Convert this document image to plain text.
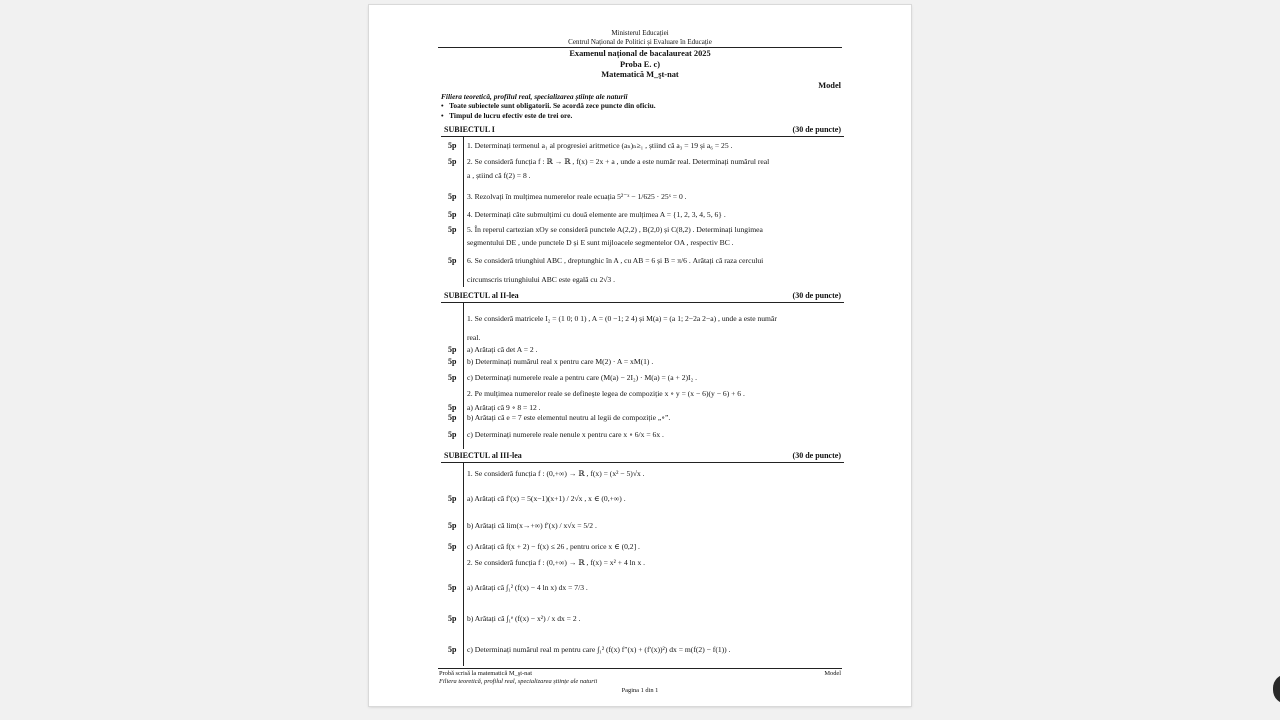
Ministerul Educației
Centrul Național de Politici și Evaluare în Educație
Examenul național de bacalaureat 2025
Proba E. c)
Matematică M_şt-nat
Model
Filiera teoretică, profilul real, specializarea științe ale naturii
•   Toate subiectele sunt obligatorii. Se acordă zece puncte din oficiu.
•   Timpul de lucru efectiv este de trei ore.
SUBIECTUL I	(30 de puncte)
5p 1. Determinați termenul a₁ al progresiei aritmetice (aₙ)ₙ≥₁ , știind că a₃ = 19 și a₆ = 25 .
5p 2. Se consideră funcția f : ℝ → ℝ , f(x) = 2x + a , unde a este număr real. Determinați numărul real
a , știind că f(2) = 8 .
5p 3. Rezolvați în mulțimea numerelor reale ecuația 5²⁻ˣ − 1/625 · 25ˣ = 0 .
5p 4. Determinați câte submulțimi cu două elemente are mulțimea A = {1, 2, 3, 4, 5, 6} .
5p 5. În reperul cartezian xOy se consideră punctele A(2,2) , B(2,0) și C(8,2) . Determinați lungimea
segmentului DE , unde punctele D și E sunt mijloacele segmentelor OA , respectiv BC .
5p 6. Se consideră triunghiul ABC , dreptunghic în A , cu AB = 6 și B = π/6 . Arătați că raza cercului
circumscris triunghiului ABC este egală cu 2√3 .
SUBIECTUL al II-lea	(30 de puncte)
1. Se consideră matricele I₂ = (1 0; 0 1) , A = (0 −1; 2 4) și M(a) = (a 1; 2−2a 2−a) , unde a este număr
real.
5p a) Arătați că det A = 2 .
5p b) Determinați numărul real x pentru care M(2) · A = xM(1) .
5p c) Determinați numerele reale a pentru care (M(a) − 2I₂) · M(a) = (a + 2)I₂ .
2. Pe mulțimea numerelor reale se definește legea de compoziție x ∘ y = (x − 6)(y − 6) + 6 .
5p a) Arătați că 9 ∘ 8 = 12 .
5p b) Arătați că e = 7 este elementul neutru al legii de compoziție „∘”.
5p c) Determinați numerele reale nenule x pentru care x ∘ 6/x = 6x .
SUBIECTUL al III-lea	(30 de puncte)
1. Se consideră funcția f : (0,+∞) → ℝ , f(x) = (x² − 5)√x .
5p a) Arătați că f′(x) = 5(x−1)(x+1) / 2√x , x ∈ (0,+∞) .
5p b) Arătați că lim(x→+∞) f′(x) / x√x = 5/2 .
5p c) Arătați că f(x + 2) − f(x) ≤ 26 , pentru orice x ∈ (0,2] .
2. Se consideră funcția f : (0,+∞) → ℝ , f(x) = x² + 4 ln x .
5p a) Arătați că ∫₁² (f(x) − 4 ln x) dx = 7/3 .
5p b) Arătați că ∫₁ᵉ (f(x) − x²) / x dx = 2 .
5p c) Determinați numărul real m pentru care ∫₁² (f(x) f″(x) + (f′(x))²) dx = m(f(2) − f(1)) .
Probă scrisă la matematică M_şt-nat
Filiera teoretică, profilul real, specializarea științe ale naturii
Model
Pagina 1 din 1
